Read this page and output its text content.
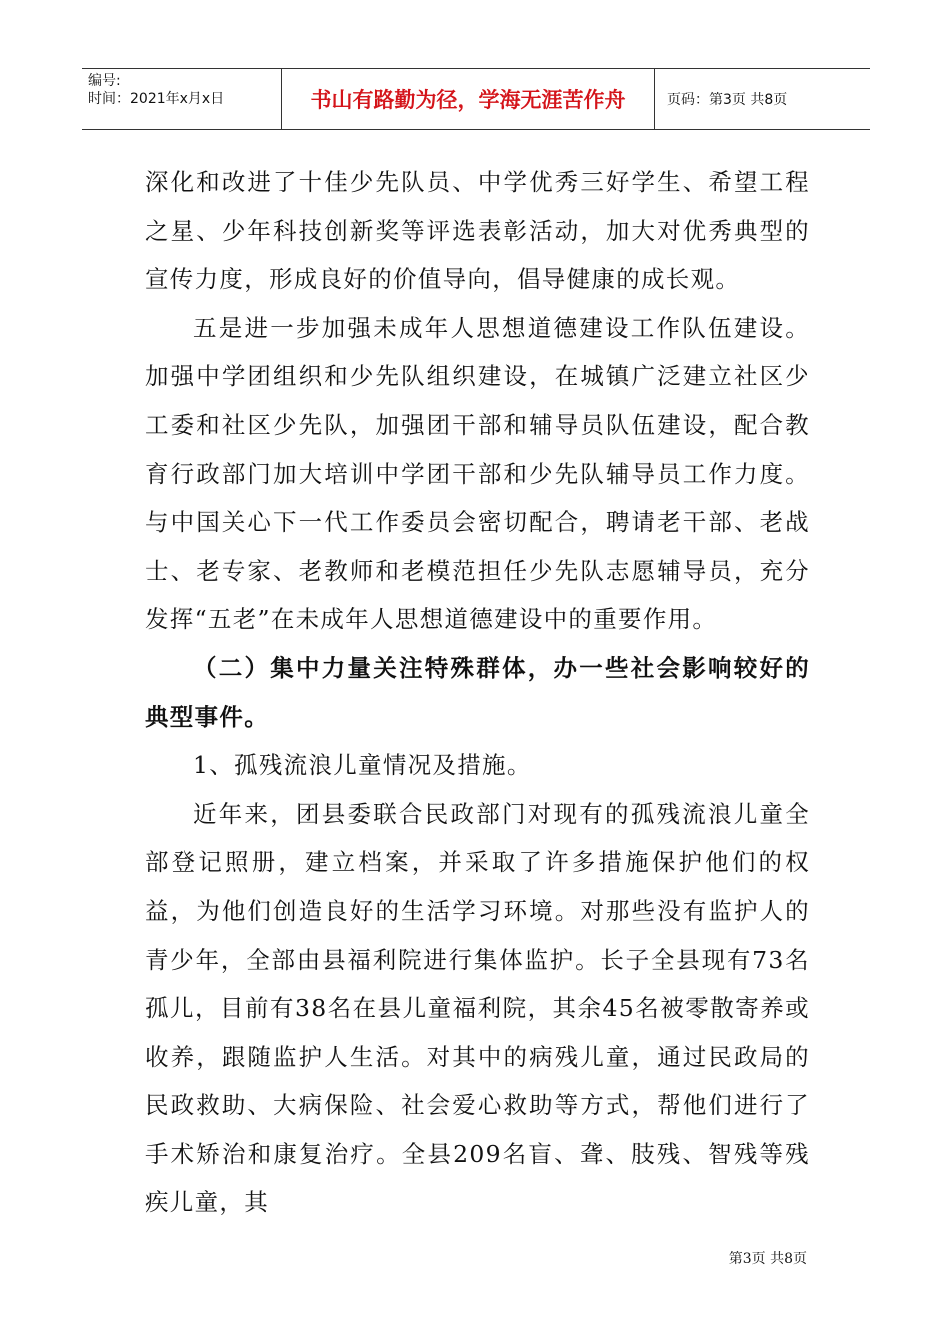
编号:
时间：2021年x月x日	书山有路勤为径，学海无涯苦作舟	页码：第3页 共8页

深化和改进了十佳少先队员、中学优秀三好学生、希望工程之星、少年科技创新奖等评选表彰活动，加大对优秀典型的宣传力度，形成良好的价值导向，倡导健康的成长观。

五是进一步加强未成年人思想道德建设工作队伍建设。加强中学团组织和少先队组织建设，在城镇广泛建立社区少工委和社区少先队，加强团干部和辅导员队伍建设，配合教育行政部门加大培训中学团干部和少先队辅导员工作力度。与中国关心下一代工作委员会密切配合，聘请老干部、老战士、老专家、老教师和老模范担任少先队志愿辅导员，充分发挥“五老”在未成年人思想道德建设中的重要作用。

（二）集中力量关注特殊群体，办一些社会影响较好的典型事件。

1、孤残流浪儿童情况及措施。

近年来，团县委联合民政部门对现有的孤残流浪儿童全部登记照册，建立档案，并采取了许多措施保护他们的权益，为他们创造良好的生活学习环境。对那些没有监护人的青少年，全部由县福利院进行集体监护。长子全县现有73名孤儿，目前有38名在县儿童福利院，其余45名被零散寄养或收养，跟随监护人生活。对其中的病残儿童，通过民政局的民政救助、大病保险、社会爱心救助等方式，帮他们进行了手术矫治和康复治疗。全县209名盲、聋、肢残、智残等残疾儿童，其

第3页 共8页
